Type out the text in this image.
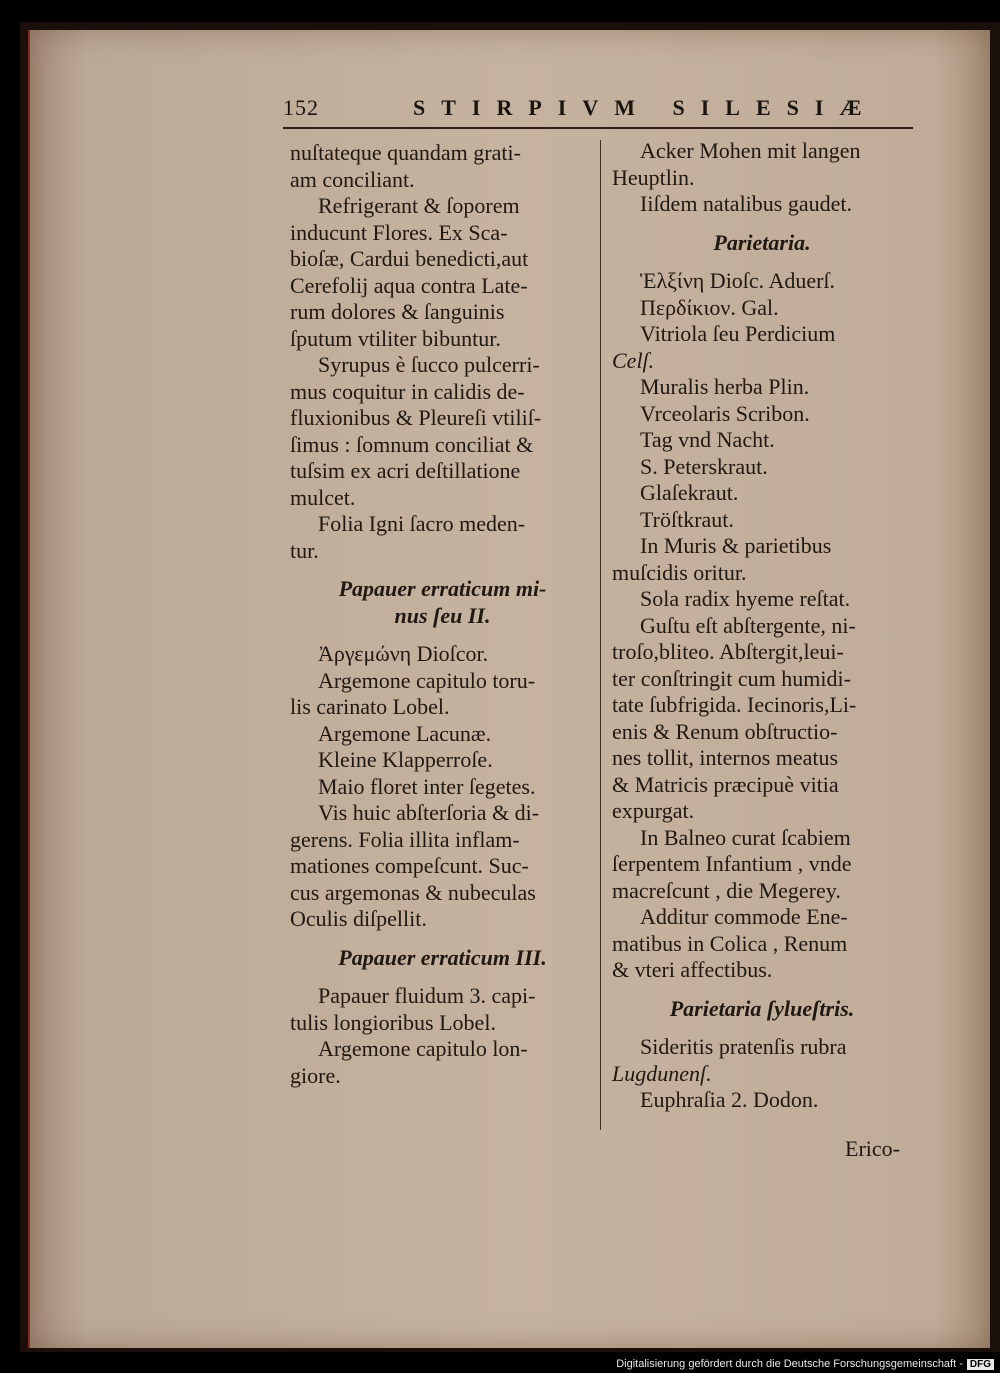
152	STIRPIVM SILESIÆ
nuſtateque quandam grati-
am conciliant.
Refrigerant & ſoporem
inducunt Flores. Ex Sca-
bioſæ, Cardui benedicti,aut
Cerefolij aqua contra Late-
rum dolores & ſanguinis
ſputum vtiliter bibuntur.
Syrupus è ſucco pulcerri-
mus coquitur in calidis de-
fluxionibus & Pleureſi vtiliſ-
ſimus : ſomnum conciliat &
tuſsim ex acri deſtillatione
mulcet.
Folia Igni ſacro meden-
tur.
Papauer erraticum mi-
nus ſeu II.
Ἀργεμώνη Dioſcor.
Argemone capitulo toru-
lis carinato Lobel.
Argemone Lacunæ.
Kleine Klapperroſe.
Maio floret inter ſegetes.
Vis huic abſterſoria & di-
gerens. Folia illita inflam-
mationes compeſcunt. Suc-
cus argemonas & nubeculas
Oculis diſpellit.
Papauer erraticum III.
Papauer fluidum 3. capi-
tulis longioribus Lobel.
Argemone capitulo lon-
giore.
Acker Mohen mit langen
Heuptlin.
Iiſdem natalibus gaudet.
Parietaria.
Ἑλξίνη Dioſc. Aduerſ.
Περδίκιον. Gal.
Vitriola ſeu Perdicium
Celſ.
Muralis herba Plin.
Vrceolaris Scribon.
Tag vnd Nacht.
S. Peterskraut.
Glaſekraut.
Tröſtkraut.
In Muris & parietibus
muſcidis oritur.
Sola radix hyeme reſtat.
Guſtu eſt abſtergente, ni-
troſo,bliteo. Abſtergit,leui-
ter conſtringit cum humidi-
tate ſubfrigida. Iecinoris,Li-
enis & Renum obſtructio-
nes tollit, internos meatus
& Matricis præcipuè vitia
expurgat.
In Balneo curat ſcabiem
ſerpentem Infantium , vnde
macreſcunt , die Megerey.
Additur commode Ene-
matibus in Colica , Renum
& vteri affectibus.
Parietaria ſylueſtris.
Sideritis pratenſis rubra
Lugdunenſ.
Euphraſia 2. Dodon.
Erico-
Digitalisierung gefördert durch die Deutsche Forschungsgemeinschaft - DFG
